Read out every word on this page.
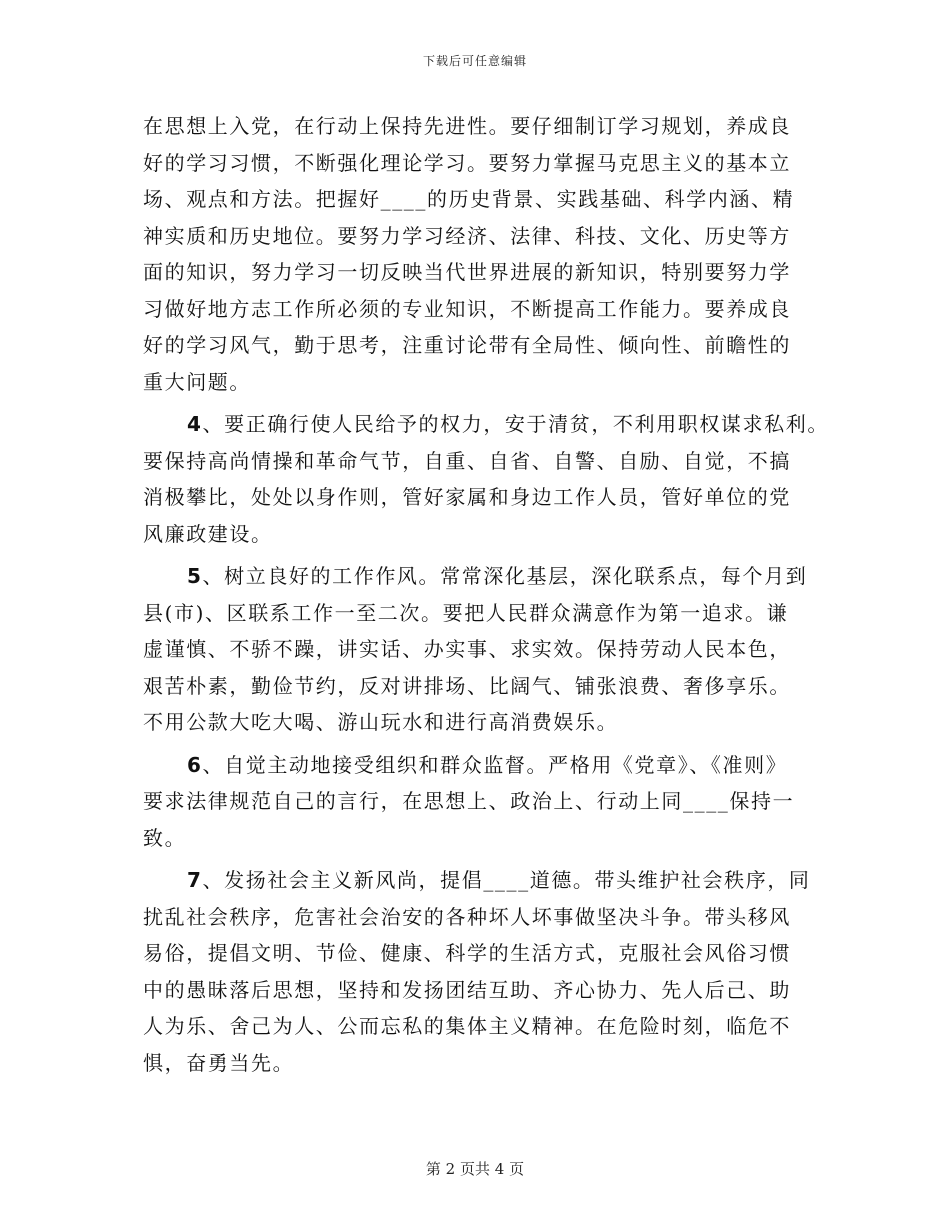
下载后可任意编辑
在思想上入党，在行动上保持先进性。要仔细制订学习规划，养成良
好的学习习惯，不断强化理论学习。要努力掌握马克思主义的基本立
场、观点和方法。把握好____的历史背景、实践基础、科学内涵、精
神实质和历史地位。要努力学习经济、法律、科技、文化、历史等方
面的知识，努力学习一切反映当代世界进展的新知识，特别要努力学
习做好地方志工作所必须的专业知识，不断提高工作能力。要养成良
好的学习风气，勤于思考，注重讨论带有全局性、倾向性、前瞻性的
重大问题。
4、要正确行使人民给予的权力，安于清贫，不利用职权谋求私利。
要保持高尚情操和革命气节，自重、自省、自警、自励、自觉，不搞
消极攀比，处处以身作则，管好家属和身边工作人员，管好单位的党
风廉政建设。
5、树立良好的工作作风。常常深化基层，深化联系点，每个月到
县(市)、区联系工作一至二次。要把人民群众满意作为第一追求。谦
虚谨慎、不骄不躁，讲实话、办实事、求实效。保持劳动人民本色，
艰苦朴素，勤俭节约，反对讲排场、比阔气、铺张浪费、奢侈享乐。
不用公款大吃大喝、游山玩水和进行高消费娱乐。
6、自觉主动地接受组织和群众监督。严格用《党章》、《准则》
要求法律规范自己的言行，在思想上、政治上、行动上同____保持一
致。
7、发扬社会主义新风尚，提倡____道德。带头维护社会秩序，同
扰乱社会秩序，危害社会治安的各种坏人坏事做坚决斗争。带头移风
易俗，提倡文明、节俭、健康、科学的生活方式，克服社会风俗习惯
中的愚昧落后思想，坚持和发扬团结互助、齐心协力、先人后己、助
人为乐、舍己为人、公而忘私的集体主义精神。在危险时刻，临危不
惧，奋勇当先。
第 2 页共 4 页
